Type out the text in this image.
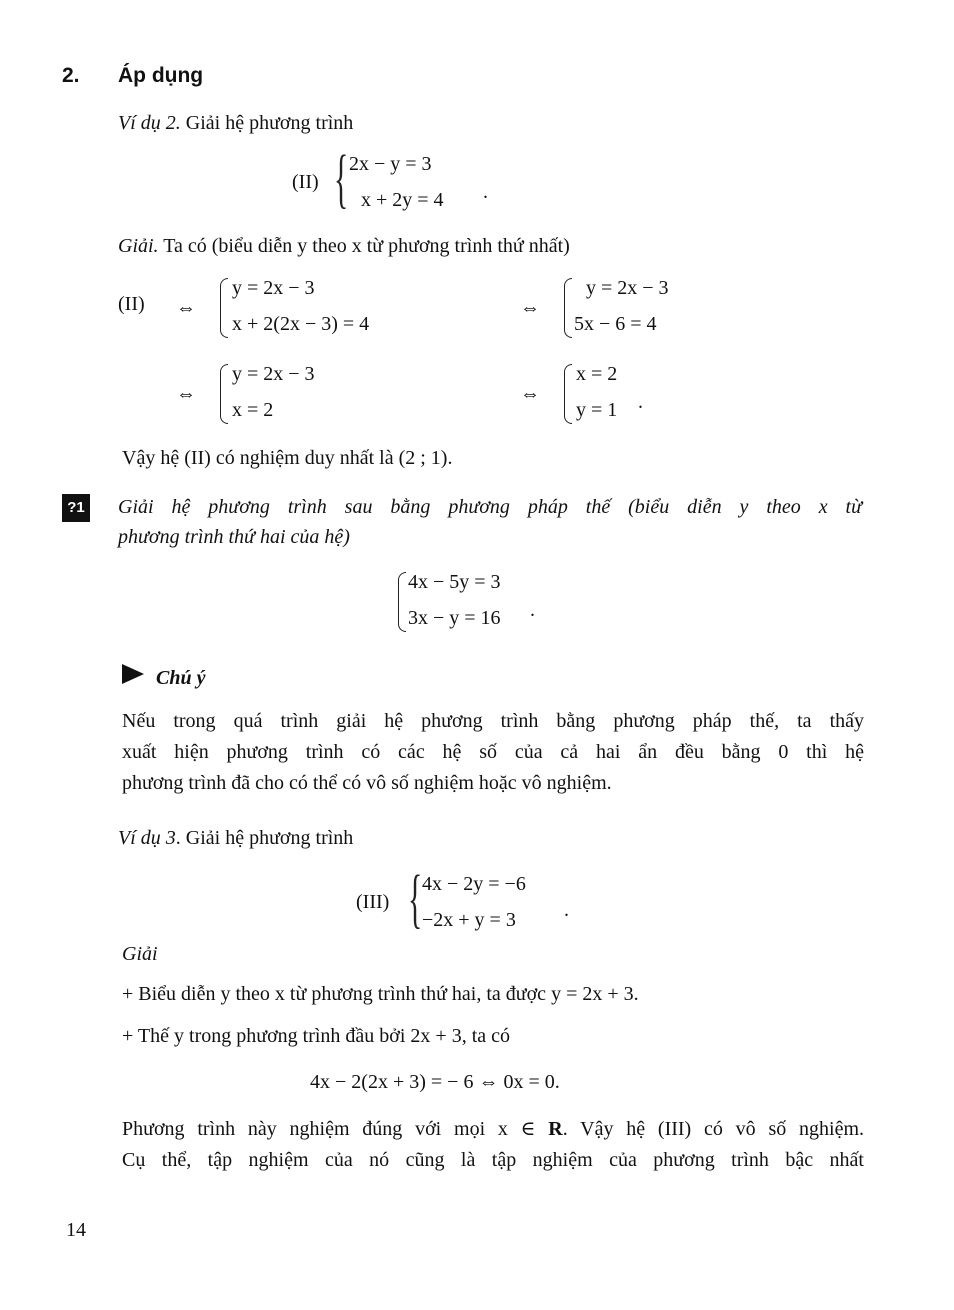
2. Áp dụng
Ví dụ 2. Giải hệ phương trình
(II) { 2x − y = 3
x + 2y = 4 .
Giải. Ta có (biểu diễn y theo x từ phương trình thứ nhất)
(II) ⇔
y = 2x − 3
x + 2(2x − 3) = 4
⇔
y = 2x − 3
5x − 6 = 4
⇔
y = 2x − 3
x = 2
⇔
x = 2
y = 1 .
Vậy hệ (II) có nghiệm duy nhất là (2 ; 1).
?1 Giải hệ phương trình sau bằng phương pháp thế (biểu diễn y theo x từ
phương trình thứ hai của hệ)
4x − 5y = 3
3x − y = 16 .
Chú ý
Nếu trong quá trình giải hệ phương trình bằng phương pháp thế, ta thấy
xuất hiện phương trình có các hệ số của cả hai ẩn đều bằng 0 thì hệ
phương trình đã cho có thể có vô số nghiệm hoặc vô nghiệm.
Ví dụ 3. Giải hệ phương trình
(III) { 4x − 2y = −6
−2x + y = 3 .
Giải
+ Biểu diễn y theo x từ phương trình thứ hai, ta được y = 2x + 3.
+ Thế y trong phương trình đầu bởi 2x + 3, ta có
4x − 2(2x + 3) = − 6 ⇔ 0x = 0.
Phương trình này nghiệm đúng với mọi x ∈ R. Vậy hệ (III) có vô số nghiệm.
Cụ thể, tập nghiệm của nó cũng là tập nghiệm của phương trình bậc nhất
14
